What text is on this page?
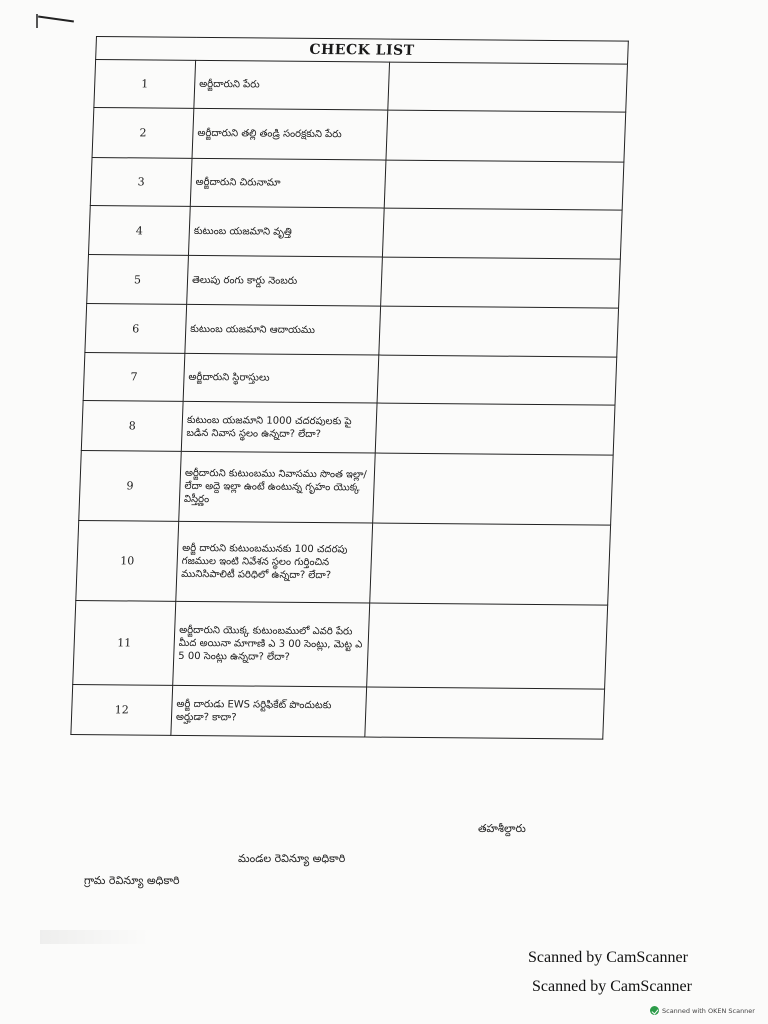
CHECK LIST		
1	అర్జీదారుని పేరు	
2	అర్జీదారుని తల్లి తండ్రి సంరక్షకుని పేరు	
3	అర్జీదారుని చిరునామా	
4	కుటుంబ యజమాని వృత్తి	
5	తెలుపు రంగు కార్డు నెంబరు	
6	కుటుంబ యజమాని ఆదాయము	
7	అర్జీదారుని స్థిరాస్తులు	
8	కుటుంబ యజమాని 1000 చదరపులకు పై బడిన నివాస స్థలం ఉన్నదా? లేదా?	
9	అర్జీదారుని కుటుంబము నివాసము సొంత ఇల్లా/లేదా అద్దె ఇల్లా ఉంటే ఉంటున్న గృహం యొక్క విస్తీర్ణం	
10	అర్జీ దారుని కుటుంబమునకు 100 చదరపు గజముల ఇంటి నివేశన స్థలం గుర్తించిన మునిసిపాలిటీ పరిధిలో ఉన్నదా? లేదా?	
11	అర్జీదారుని యొక్క కుటుంబములో ఎవరి పేరు మీద అయినా మాగాణి ఎ 3 00 సెంట్లు, మెట్ట ఎ 5 00 సెంట్లు ఉన్నదా? లేదా?	
12	అర్జీ దారుడు EWS సర్టిఫికేట్ పొందుటకు అర్హుడా? కాదా?	
తహశీల్దారు
మండల రెవిన్యూ అధికారి
గ్రామ రెవిన్యూ అధికారి
Scanned by CamScanner
Scanned by CamScanner
Scanned with OKEN Scanner
